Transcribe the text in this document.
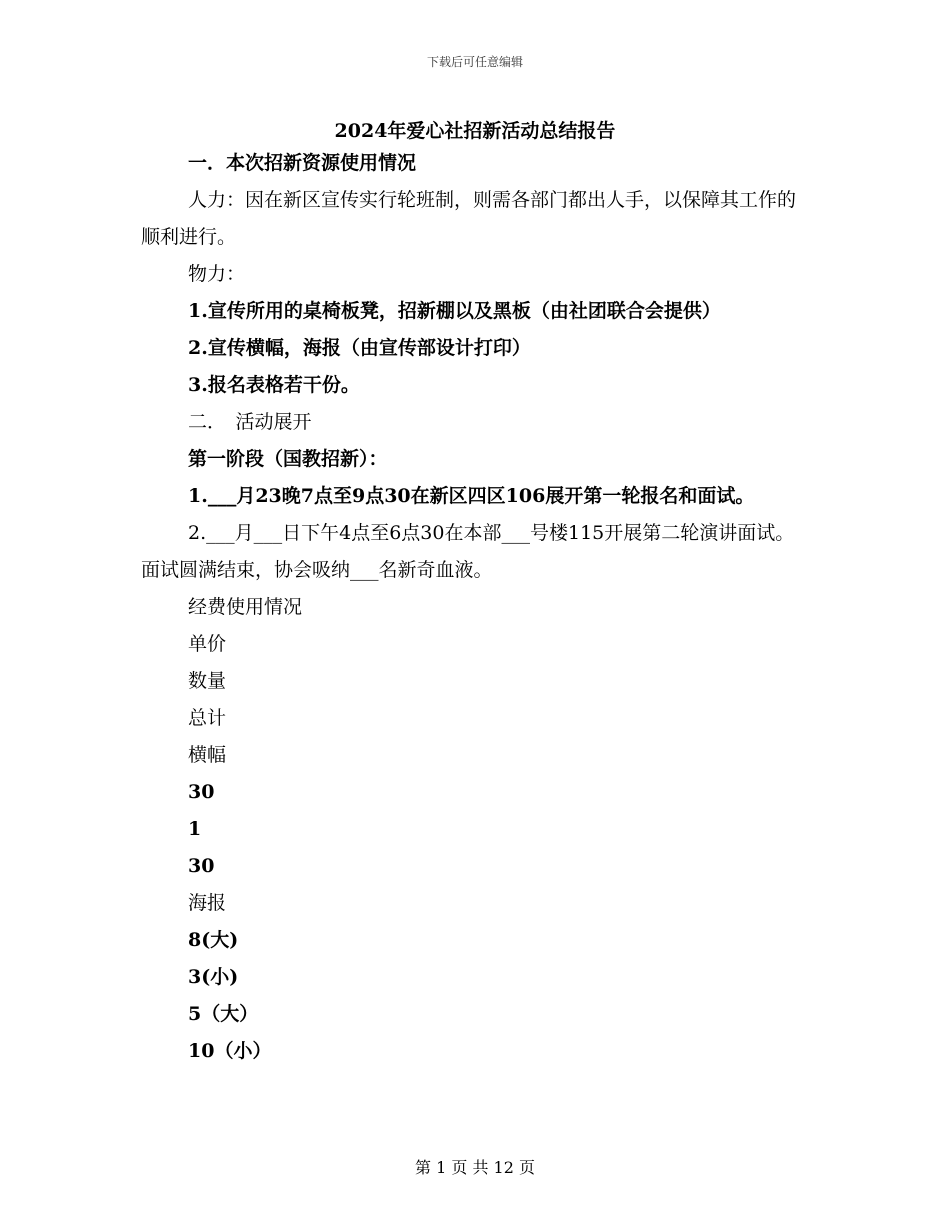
下载后可任意编辑
2024年爱心社招新活动总结报告

一．本次招新资源使用情况

人力：因在新区宣传实行轮班制，则需各部门都出人手，以保障其工作的顺利进行。

物力：

1.宣传所用的桌椅板凳，招新棚以及黑板（由社团联合会提供）

2.宣传横幅，海报（由宣传部设计打印）

3.报名表格若干份。

二．　活动展开

第一阶段（国教招新）：

1.___月23晚7点至9点30在新区四区106展开第一轮报名和面试。

2.___月___日下午4点至6点30在本部___号楼115开展第二轮演讲面试。面试圆满结束，协会吸纳___名新奇血液。

经费使用情况

单价

数量

总计

横幅

30

1

30

海报

8(大)

3(小)

5（大）

10（小）

第 1 页 共 12 页
